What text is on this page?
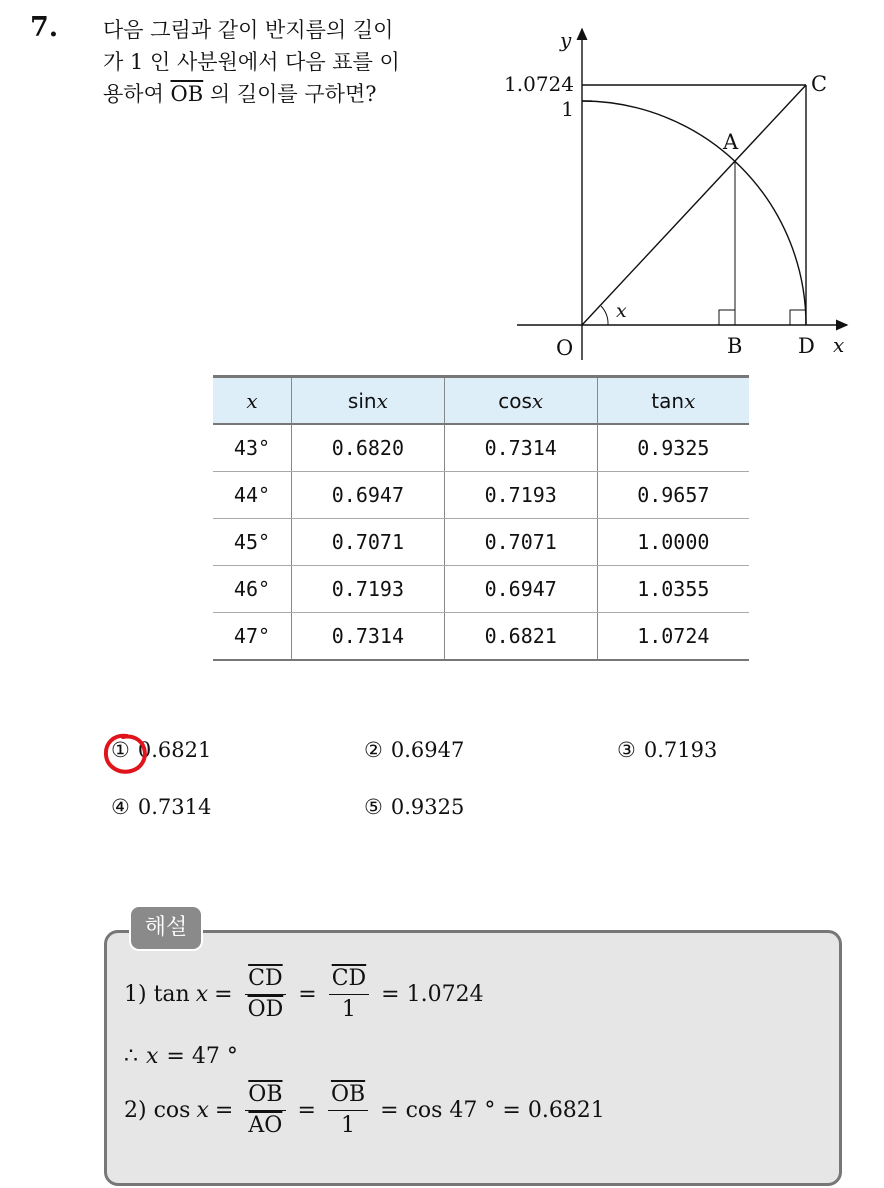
7. 다음 그림과 같이 반지름의 길이
가 1 인 사분원에서 다음 표를 이
용하여 $\overline{OB}$ 의 길이를 구하면?
y
x
1.0724
1
C
A
O	B	D
x
x	sinx	cosx	tanx
43°	0.6820	0.7314	0.9325
44°	0.6947	0.7193	0.9657
45°	0.7071	0.7071	1.0000
46°	0.7193	0.6947	1.0355
47°	0.7314	0.6821	1.0724
① 0.6821	② 0.6947	③ 0.7193
④ 0.7314	⑤ 0.9325
해설
1) $\tan x = \frac{\overline{CD}}{OD} = \frac{\overline{CD}}{1} = 1.0724$
∴ x = 47 °
2) $\cos x = \frac{\overline{OB}}{AO} = \frac{\overline{OB}}{1} = \cos 47$ ° = 0.6821
